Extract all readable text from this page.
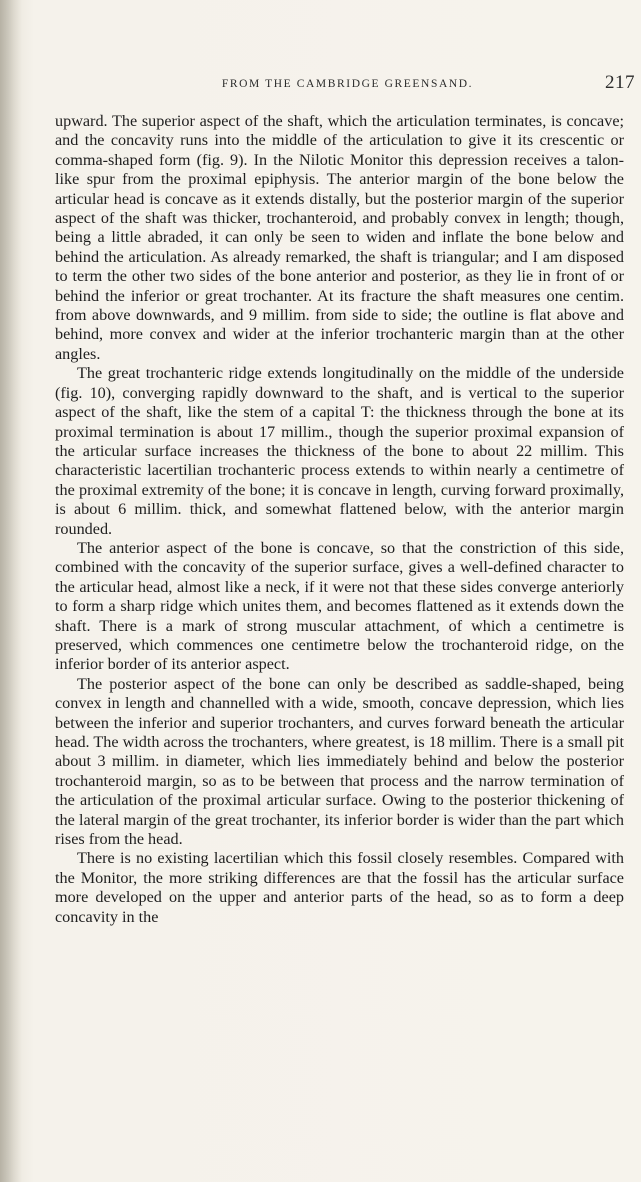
FROM THE CAMBRIDGE GREENSAND.	217

upward. The superior aspect of the shaft, which the articulation terminates, is concave; and the concavity runs into the middle of the articulation to give it its crescentic or comma-shaped form (fig. 9). In the Nilotic Monitor this depression receives a talon-like spur from the proximal epiphysis. The anterior margin of the bone below the articular head is concave as it extends distally, but the posterior margin of the superior aspect of the shaft was thicker, trochanteroid, and probably convex in length; though, being a little abraded, it can only be seen to widen and inflate the bone below and behind the articulation. As already remarked, the shaft is triangular; and I am disposed to term the other two sides of the bone anterior and posterior, as they lie in front of or behind the inferior or great trochanter. At its fracture the shaft measures one centim. from above downwards, and 9 millim. from side to side; the outline is flat above and behind, more convex and wider at the inferior trochanteric margin than at the other angles.

The great trochanteric ridge extends longitudinally on the middle of the underside (fig. 10), converging rapidly downward to the shaft, and is vertical to the superior aspect of the shaft, like the stem of a capital T: the thickness through the bone at its proximal termination is about 17 millim., though the superior proximal expansion of the articular surface increases the thickness of the bone to about 22 millim. This characteristic lacertilian trochanteric process extends to within nearly a centimetre of the proximal extremity of the bone; it is concave in length, curving forward proximally, is about 6 millim. thick, and somewhat flattened below, with the anterior margin rounded.

The anterior aspect of the bone is concave, so that the constriction of this side, combined with the concavity of the superior surface, gives a well-defined character to the articular head, almost like a neck, if it were not that these sides converge anteriorly to form a sharp ridge which unites them, and becomes flattened as it extends down the shaft. There is a mark of strong muscular attachment, of which a centimetre is preserved, which commences one centimetre below the trochanteroid ridge, on the inferior border of its anterior aspect.

The posterior aspect of the bone can only be described as saddle-shaped, being convex in length and channelled with a wide, smooth, concave depression, which lies between the inferior and superior trochanters, and curves forward beneath the articular head. The width across the trochanters, where greatest, is 18 millim. There is a small pit about 3 millim. in diameter, which lies immediately behind and below the posterior trochanteroid margin, so as to be between that process and the narrow termination of the articulation of the proximal articular surface. Owing to the posterior thickening of the lateral margin of the great trochanter, its inferior border is wider than the part which rises from the head.

There is no existing lacertilian which this fossil closely resembles. Compared with the Monitor, the more striking differences are that the fossil has the articular surface more developed on the upper and anterior parts of the head, so as to form a deep concavity in the
